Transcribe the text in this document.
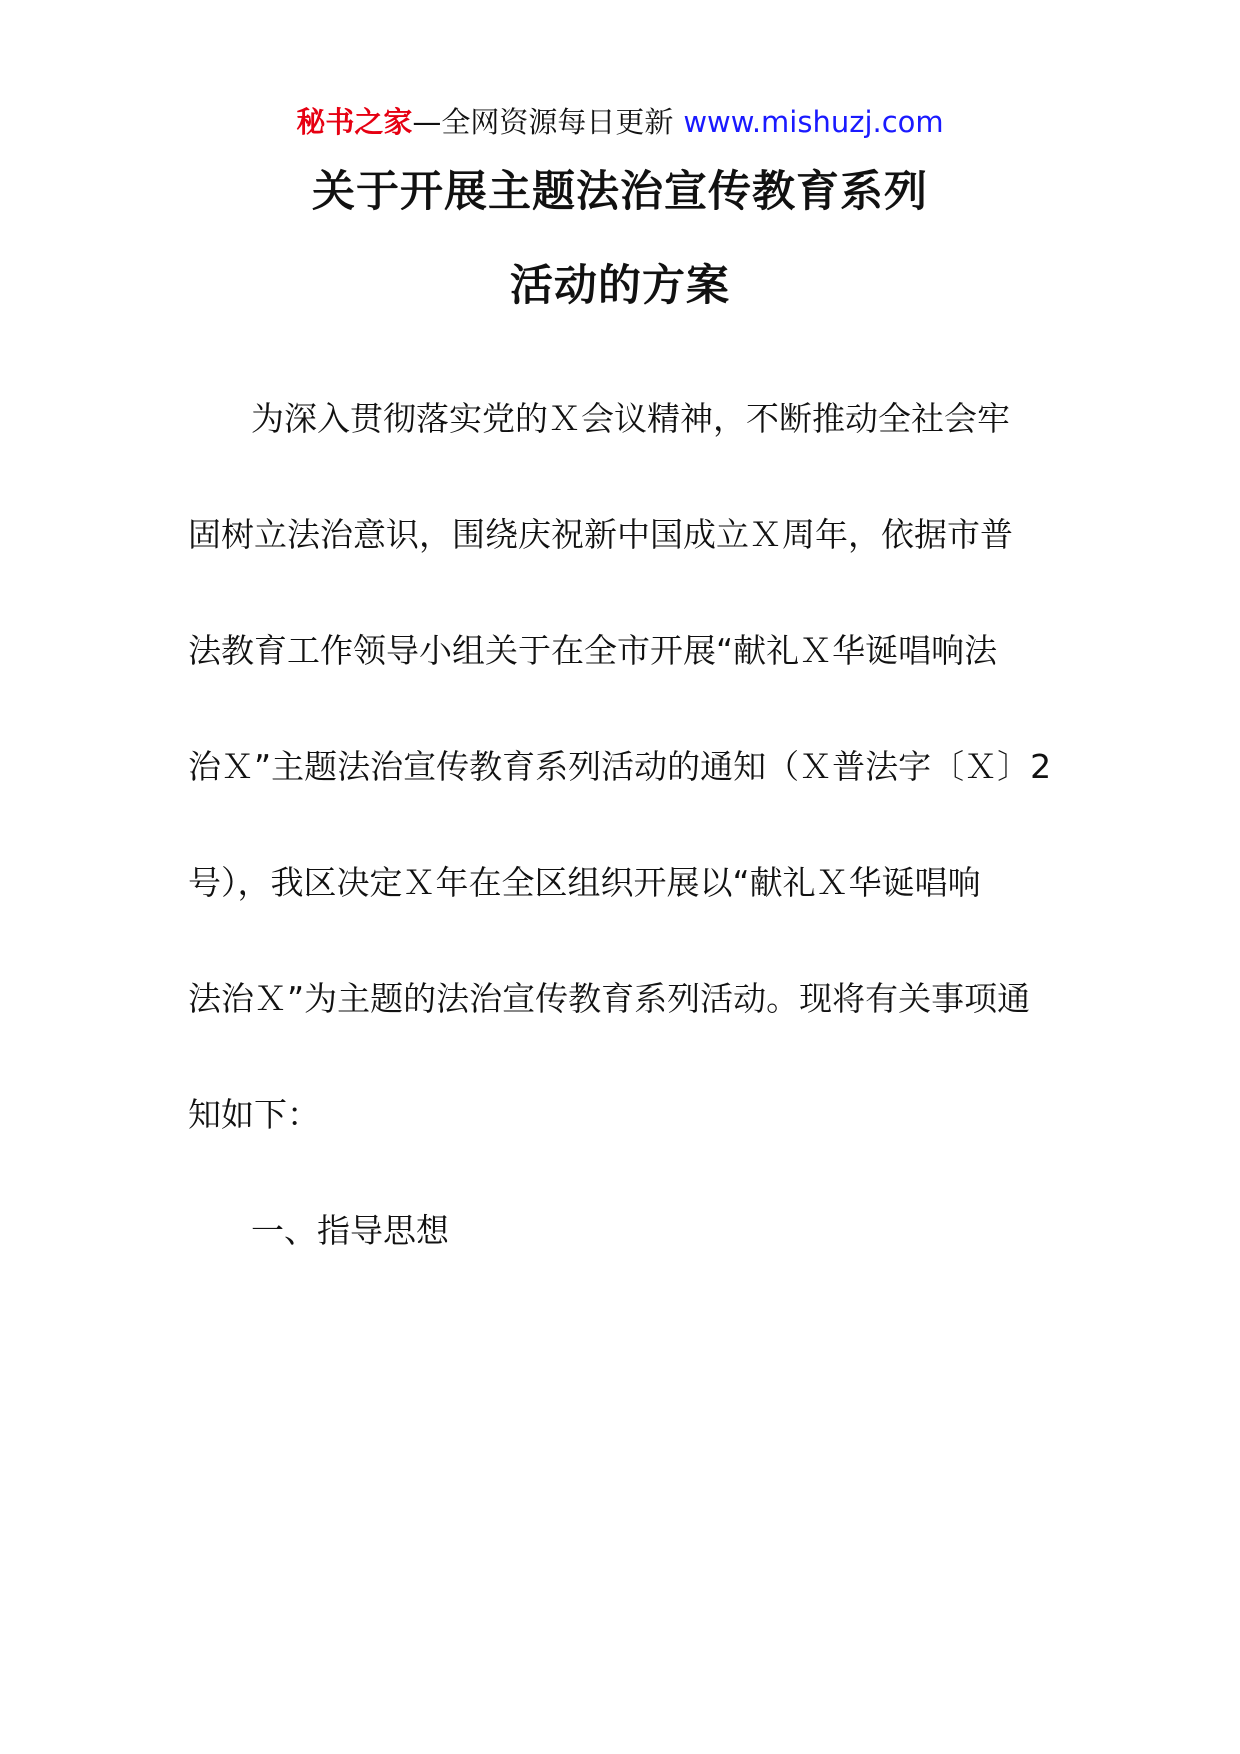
秘书之家—全网资源每日更新 www.mishuzj.com
关于开展主题法治宣传教育系列
活动的方案
为深入贯彻落实党的Ｘ会议精神，不断推动全社会牢
固树立法治意识，围绕庆祝新中国成立Ｘ周年，依据市普
法教育工作领导小组关于在全市开展“献礼Ｘ华诞唱响法
治Ｘ”主题法治宣传教育系列活动的通知（Ｘ普法字〔Ｘ〕2
号），我区决定Ｘ年在全区组织开展以“献礼Ｘ华诞唱响
法治Ｘ”为主题的法治宣传教育系列活动。现将有关事项通
知如下：
一、指导思想
